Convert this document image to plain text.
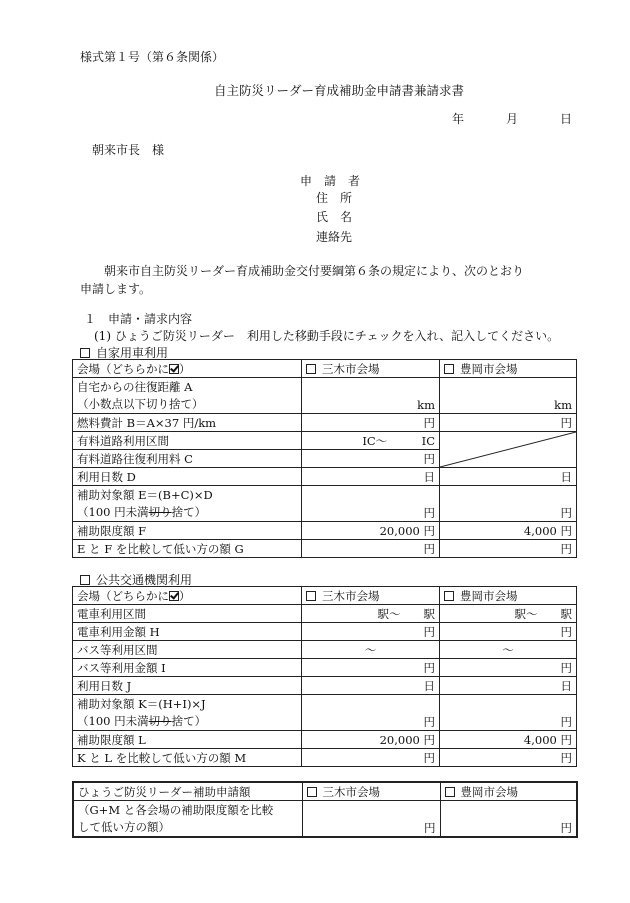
様式第１号（第６条関係）
自主防災リーダー育成補助金申請書兼請求書
年	月	日
朝来市長　様
申　請　者
住　所
氏　名
連絡先
朝来市自主防災リーダー育成補助金交付要綱第６条の規定により、次のとおり
申請します。
１　申請・請求内容
(1) ひょうご防災リーダー　利用した移動手段にチェックを入れ、記入してください。
自家用車利用
会場（どちらかに ）	三木市会場	豊岡市会場

自宅からの往復距離 A
（小数点以下切り捨て）	km	km
燃料費計 B＝A×37 円/km	円	円
有料道路利用区間	IC～　　　IC	

有料道路往復利用料 C	円	
利用日数 D	日	日

補助対象額 E＝(B+C)×D
（100 円未満切り捨て）	円	円
補助限度額 F	20,000 円	4,000 円
E と F を比較して低い方の額 G	円	円
公共交通機関利用
会場（どちらかに ）	三木市会場	豊岡市会場
電車利用区間	駅～　　駅	駅～　　駅
電車利用金額 H	円	円
バス等利用区間	～	～
バス等利用金額 I	円	円
利用日数 J	日	日

補助対象額 K＝(H+I)×J
（100 円未満切り捨て）	円	円
補助限度額 L	20,000 円	4,000 円
K と L を比較して低い方の額 M	円	円
ひょうご防災リーダー補助申請額	三木市会場	豊岡市会場

（G+M と各会場の補助限度額を比較
して低い方の額）	円	円
